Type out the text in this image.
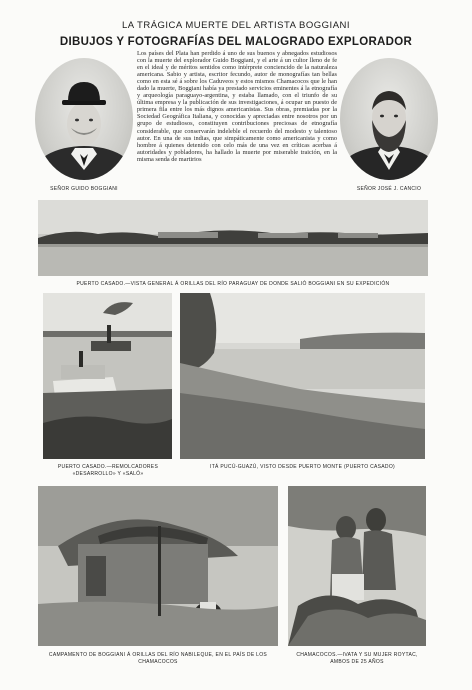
LA TRÁGICA MUERTE DEL ARTISTA BOGGIANI
DIBUJOS Y FOTOGRAFÍAS DEL MALOGRADO EXPLORADOR
SEÑOR GUIDO BOGGIANI
Los países del Plata han perdido á uno de sus buenos y abnegados estudiosos con la muerte del explorador Guido Boggiani, y el arte á un cultor lleno de fe en el ideal y de méritos sentidos como intérprete conciencido de la naturaleza americana. Sabio y artista, escritor fecundo, autor de monografías tan bellas como en esta sé á sobre los Caduveos y estos mismos Chamacocos que le han dado la muerte, Boggiani había ya prestado servicios eminentes á la etnografía y arqueología paraguayo-argentina, y estaba llamado, con el triunfo de su última empresa y la publicación de sus investigaciones, á ocupar un puesto de primera fila entre los más dignos americanistas. Sus obras, premiadas por la Sociedad Geográfica Italiana, y conocidas y apreciadas entre nosotros por un grupo de estudiosos, constituyen contribuciones preciosas de etnografía considerable, que conservarán indeleble el recuerdo del modesto y talentoso autor. En una de sus indias, que simpáticamente como americanista y como hombre á quienes detenido con celo más de una vez en críticas acerbas á autoridades y pobladores, ha hallado la muerte por miserable traición, en la misma senda de martirios
SEÑOR JOSÉ J. CANCIO
PUERTO CASADO.—VISTA GENERAL Á ORILLAS DEL RÍO PARAGUAY DE DONDE SALIÓ BOGGIANI EN SU EXPEDICIÓN
PUERTO CASADO.—REMOLCADORES «DESARROLLO» Y «SALÓ»
ITÁ PUCÚ-GUAZÚ, VISTO DESDE PUERTO MONTE (PUERTO CASADO)
CAMPAMENTO DE BOGGIANI Á ORILLAS DEL RÍO NABILEQUE, EN EL PAÍS DE LOS CHAMACOCOS
CHAMACOCOS.—IVATA Y SU MUJER ROYTAC, AMBOS DE 25 AÑOS
